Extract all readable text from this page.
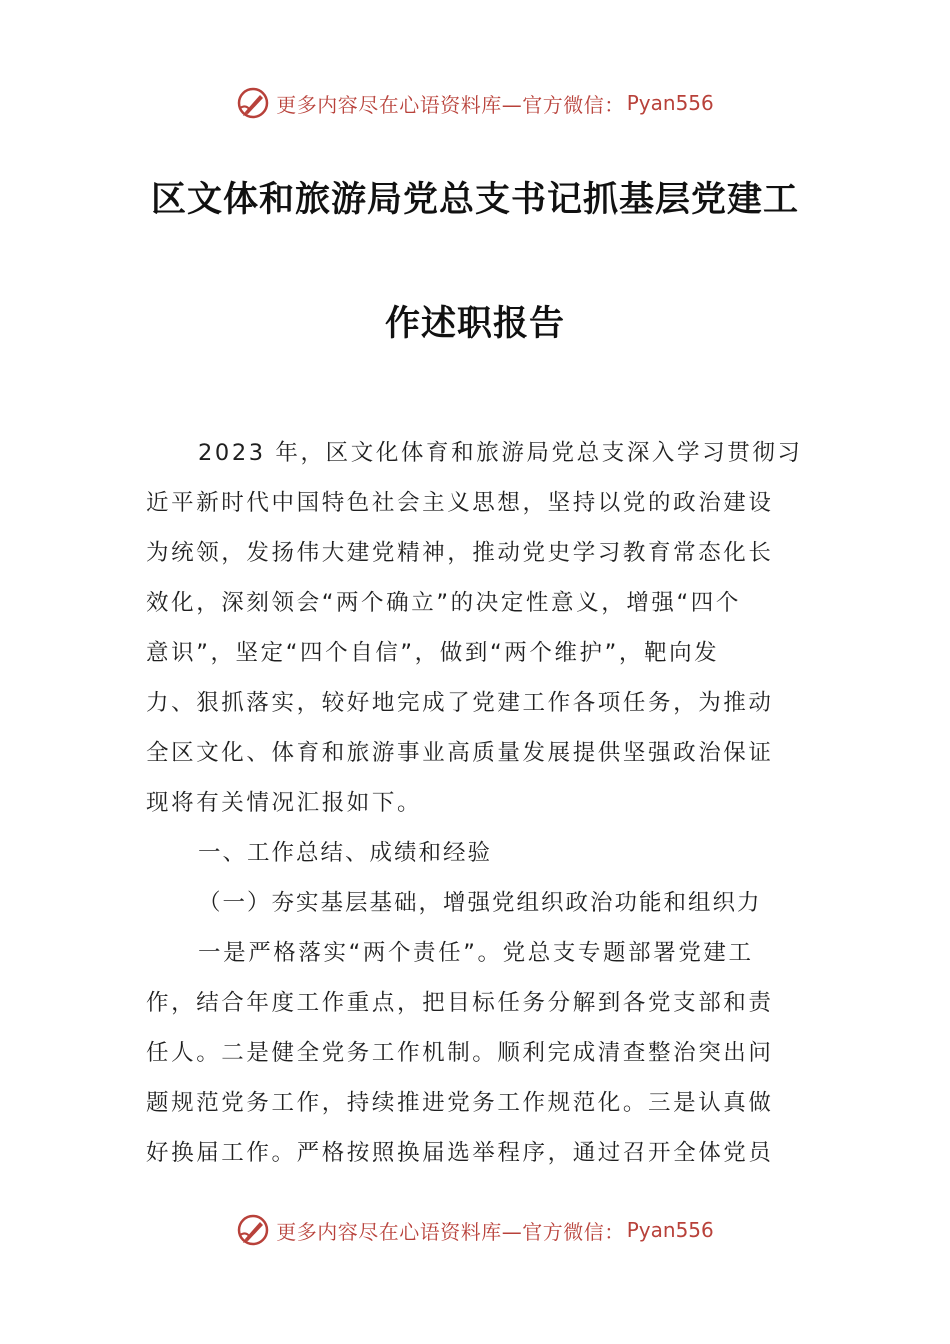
更多内容尽在心语资料库—官方微信： Pyan556
区文体和旅游局党总支书记抓基层党建工
作述职报告
2023 年，区文化体育和旅游局党总支深入学习贯彻习
近平新时代中国特色社会主义思想，坚持以党的政治建设
为统领，发扬伟大建党精神，推动党史学习教育常态化长
效化，深刻领会“两个确立”的决定性意义，增强“四个
意识”，坚定“四个自信”，做到“两个维护”，靶向发
力、狠抓落实，较好地完成了党建工作各项任务，为推动
全区文化、体育和旅游事业高质量发展提供坚强政治保证
现将有关情况汇报如下。
一、工作总结、成绩和经验
（一）夯实基层基础，增强党组织政治功能和组织力
一是严格落实“两个责任”。党总支专题部署党建工
作，结合年度工作重点，把目标任务分解到各党支部和责
任人。二是健全党务工作机制。顺利完成清查整治突出问
题规范党务工作，持续推进党务工作规范化。三是认真做
好换届工作。严格按照换届选举程序，通过召开全体党员
更多内容尽在心语资料库—官方微信： Pyan556
